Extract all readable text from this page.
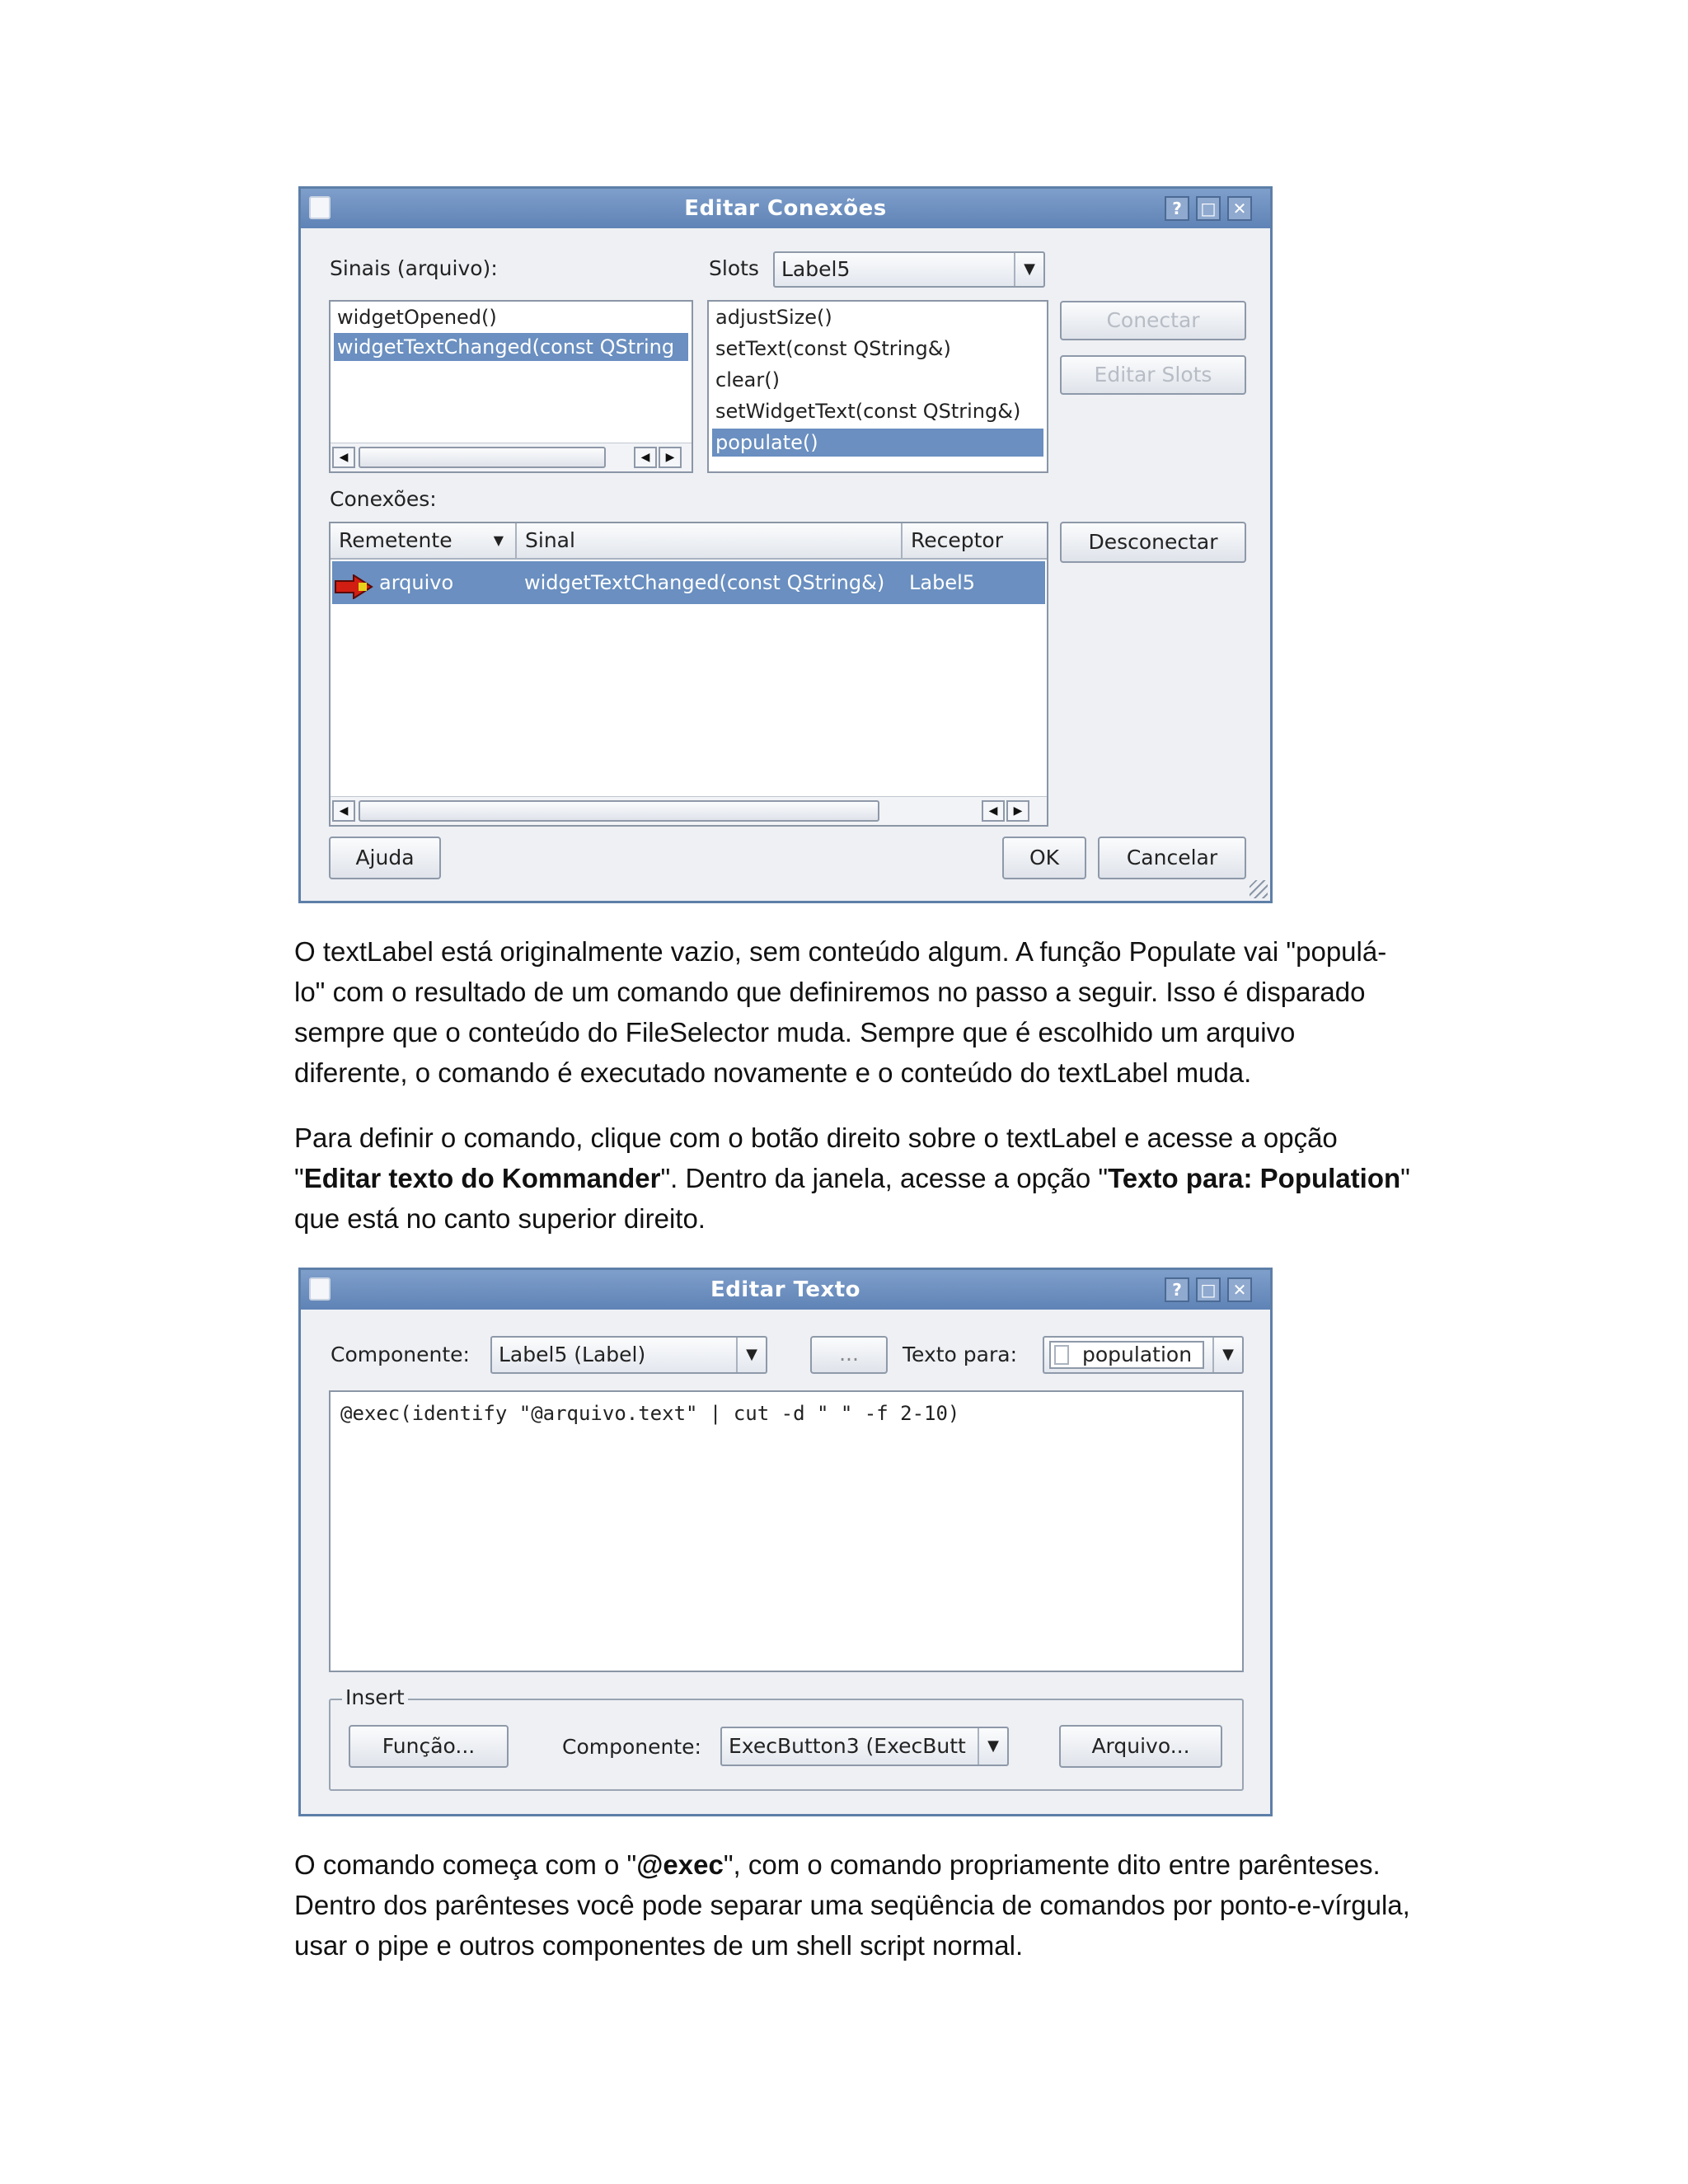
Editar Conexões	?	□	✕
Sinais (arquivo):	Slots	Label5	▼
widgetOpened()
widgetTextChanged(const QString
◀	◀	▶
adjustSize()
setText(const QString&)
clear()
setWidgetText(const QString&)
populate()
Conectar
Editar Slots
Conexões:
Remetente	▼	Sinal	Receptor
arquivo	widgetTextChanged(const QString&) Label5
◀	◀	▶
Desconectar
Ajuda	OK	Cancelar
O textLabel está originalmente vazio, sem conteúdo algum. A função Populate vai "populá-lo" com o resultado de um comando que definiremos no passo a seguir. Isso é disparado sempre que o conteúdo do FileSelector muda. Sempre que é escolhido um arquivo diferente, o comando é executado novamente e o conteúdo do textLabel muda.
Para definir o comando, clique com o botão direito sobre o textLabel e acesse a opção "Editar texto do Kommander". Dentro da janela, acesse a opção "Texto para: Population" que está no canto superior direito.
Editar Texto	?	□	✕
Componente:	Label5 (Label)	▼	...	Texto para:	population	▼
@exec(identify "@arquivo.text" | cut -d " " -f 2-10)
Insert
Função...	Componente:	ExecButton3 (ExecButt	▼	Arquivo...
O comando começa com o "@exec", com o comando propriamente dito entre parênteses. Dentro dos parênteses você pode separar uma seqüência de comandos por ponto-e-vírgula, usar o pipe e outros componentes de um shell script normal.
